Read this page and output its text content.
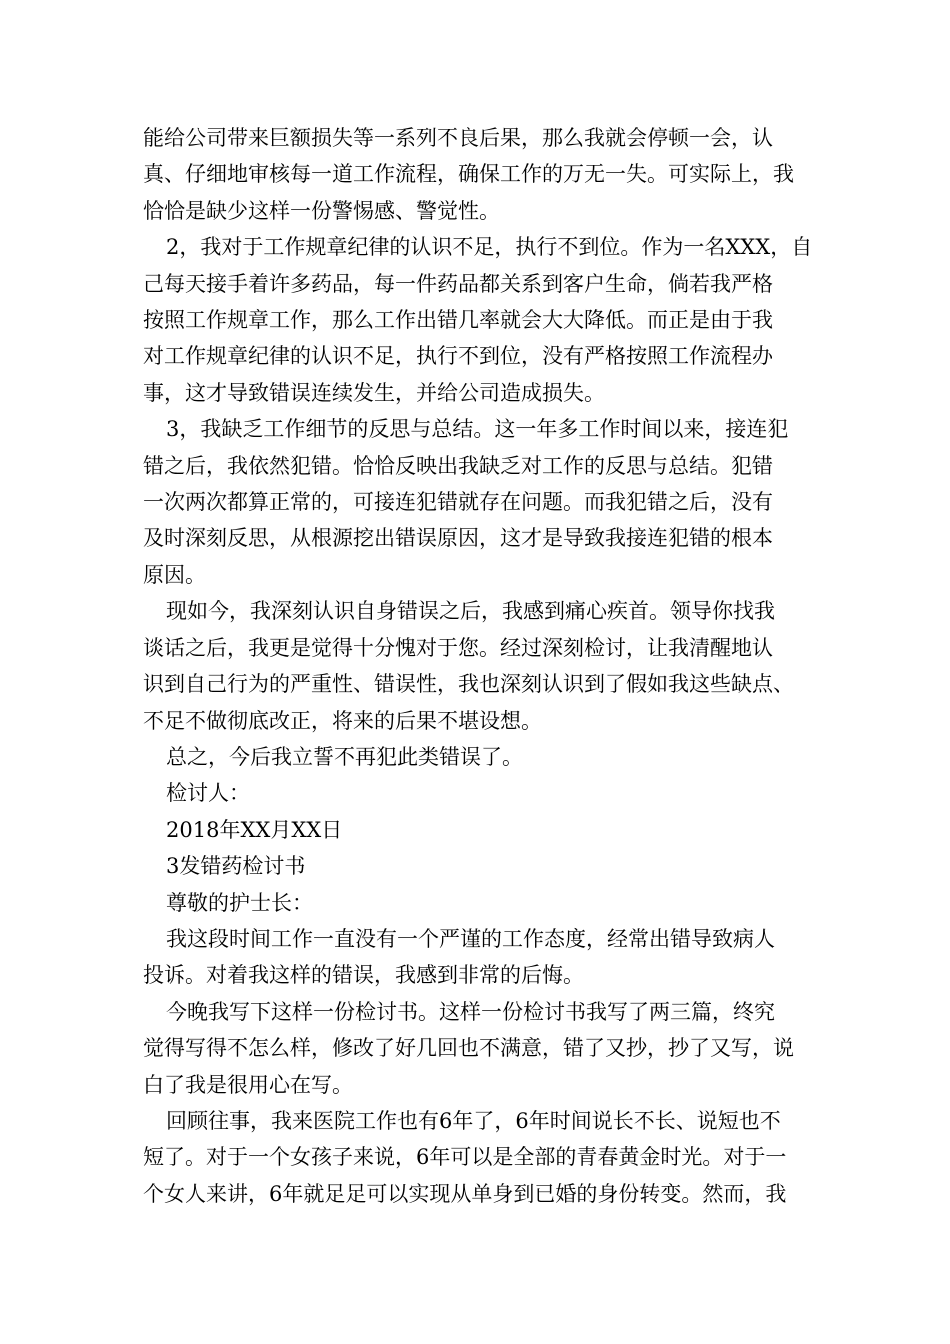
能给公司带来巨额损失等一系列不良后果，那么我就会停顿一会，认
真、仔细地审核每一道工作流程，确保工作的万无一失。可实际上，我
恰恰是缺少这样一份警惕感、警觉性。
2，我对于工作规章纪律的认识不足，执行不到位。作为一名XXX，自
己每天接手着许多药品，每一件药品都关系到客户生命，倘若我严格
按照工作规章工作，那么工作出错几率就会大大降低。而正是由于我
对工作规章纪律的认识不足，执行不到位，没有严格按照工作流程办
事，这才导致错误连续发生，并给公司造成损失。
3，我缺乏工作细节的反思与总结。这一年多工作时间以来，接连犯
错之后，我依然犯错。恰恰反映出我缺乏对工作的反思与总结。犯错
一次两次都算正常的，可接连犯错就存在问题。而我犯错之后，没有
及时深刻反思，从根源挖出错误原因，这才是导致我接连犯错的根本
原因。
现如今，我深刻认识自身错误之后，我感到痛心疾首。领导你找我
谈话之后，我更是觉得十分愧对于您。经过深刻检讨，让我清醒地认
识到自己行为的严重性、错误性，我也深刻认识到了假如我这些缺点、
不足不做彻底改正，将来的后果不堪设想。
总之，今后我立誓不再犯此类错误了。
检讨人：
2018年XX月XX日
3发错药检讨书
尊敬的护士长：
我这段时间工作一直没有一个严谨的工作态度，经常出错导致病人
投诉。对着我这样的错误，我感到非常的后悔。
今晚我写下这样一份检讨书。这样一份检讨书我写了两三篇，终究
觉得写得不怎么样，修改了好几回也不满意，错了又抄，抄了又写，说
白了我是很用心在写。
回顾往事，我来医院工作也有6年了，6年时间说长不长、说短也不
短了。对于一个女孩子来说，6年可以是全部的青春黄金时光。对于一
个女人来讲，6年就足足可以实现从单身到已婚的身份转变。然而，我
